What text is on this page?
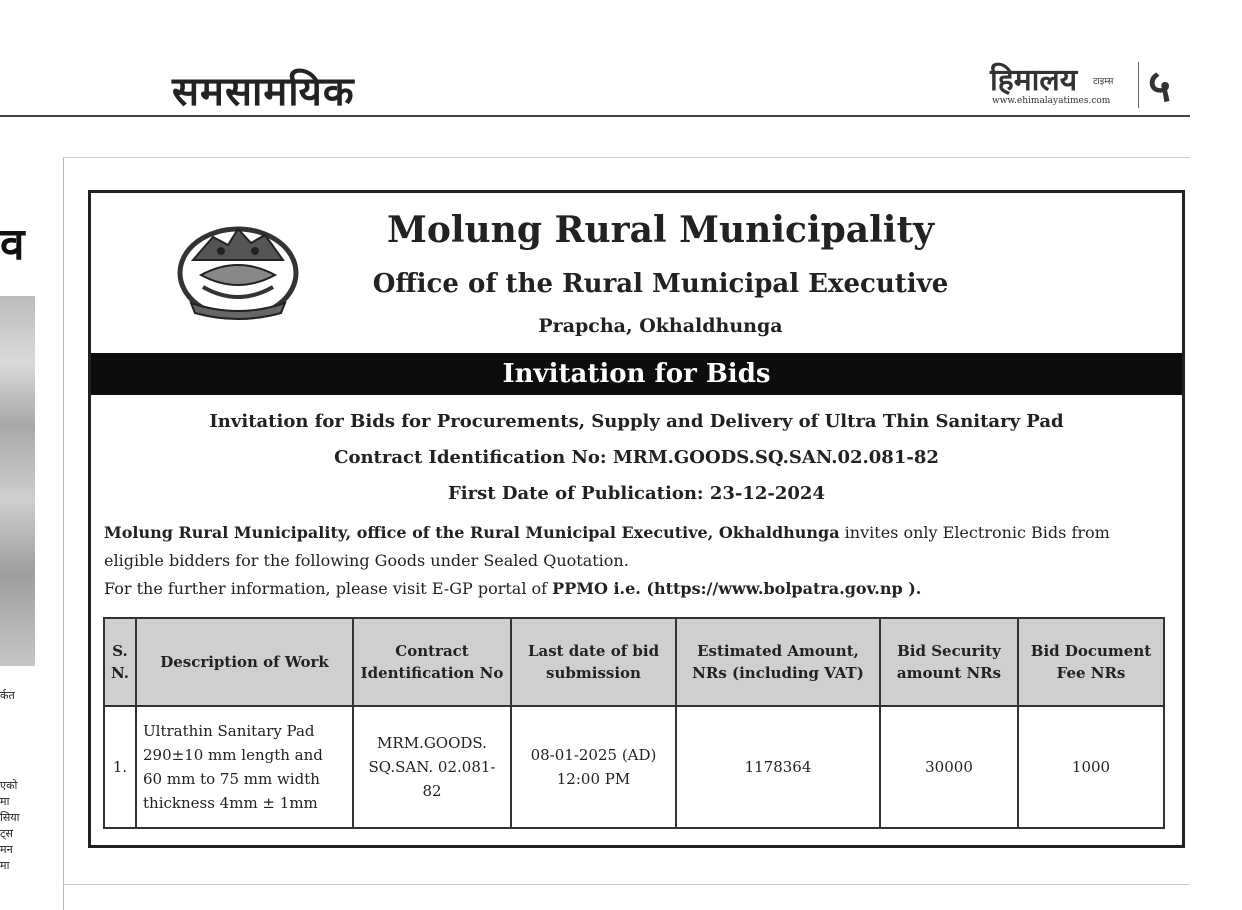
समसामयिक	हिमालय टाइम्स
www.ehimalayatimes.com ५
व
र्कत
एको
मा
सिया
ट्स
मन
मा
Molung Rural Municipality
Office of the Rural Municipal Executive
Prapcha, Okhaldhunga
Invitation for Bids
Invitation for Bids for Procurements, Supply and Delivery of Ultra Thin Sanitary Pad
Contract Identification No: MRM.GOODS.SQ.SAN.02.081-82
First Date of Publication: 23-12-2024
Molung Rural Municipality, office of the Rural Municipal Executive, Okhaldhunga invites only Electronic Bids from eligible bidders for the following Goods under Sealed Quotation.
For the further information, please visit E-GP portal of PPMO i.e. (https://www.bolpatra.gov.np ).
S. N.	Description of Work	Contract Identification No	Last date of bid submission	Estimated Amount, NRs (including VAT)	Bid Security amount NRs	Bid Document Fee NRs
1.	Ultrathin Sanitary Pad 290±10 mm length and 60 mm to 75 mm width thickness 4mm ± 1mm	MRM.GOODS. SQ.SAN. 02.081-82	08-01-2025 (AD) 12:00 PM	1178364	30000	1000
